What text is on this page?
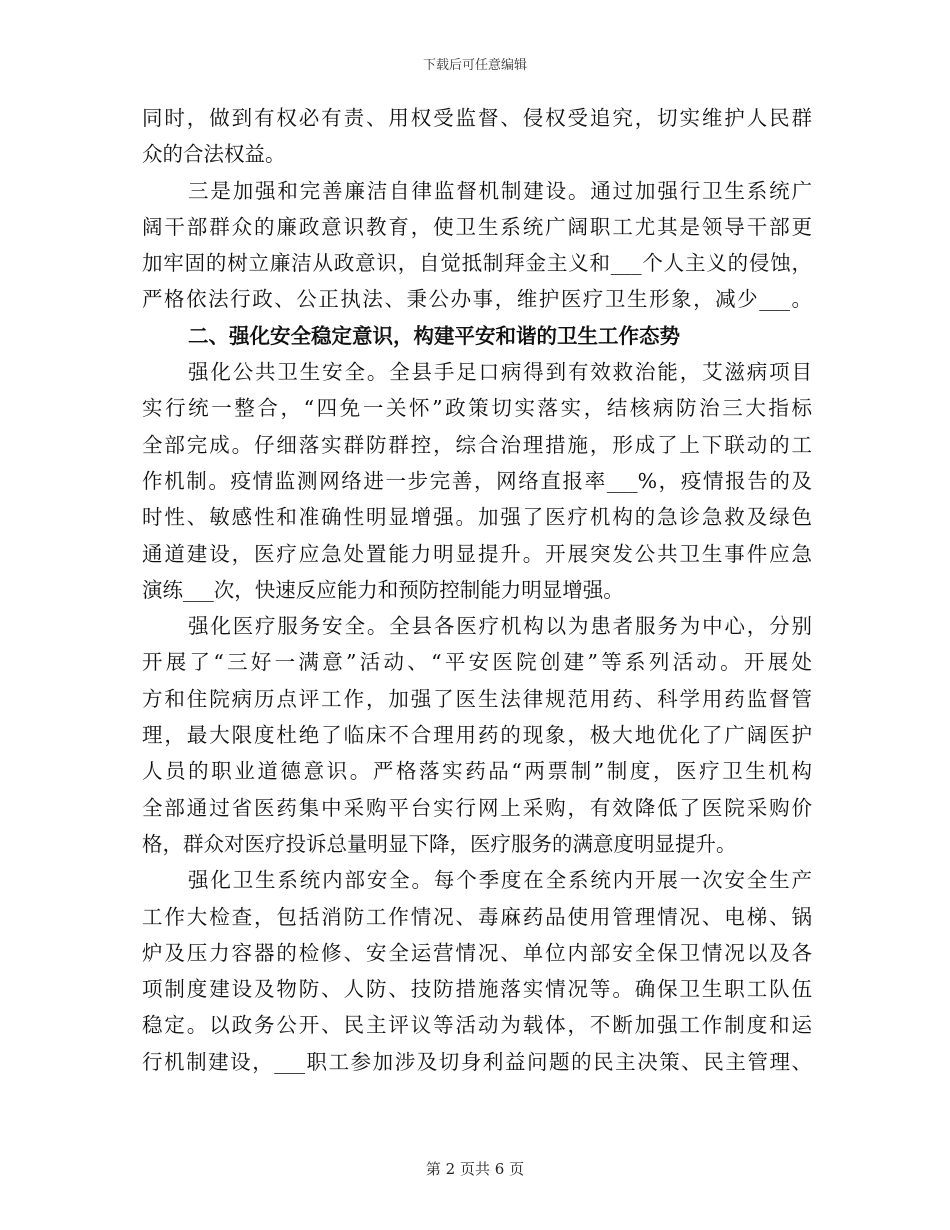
下载后可任意编辑
同时，做到有权必有责、用权受监督、侵权受追究，切实维护人民群
众的合法权益。
三是加强和完善廉洁自律监督机制建设。通过加强行卫生系统广
阔干部群众的廉政意识教育，使卫生系统广阔职工尤其是领导干部更
加牢固的树立廉洁从政意识，自觉抵制拜金主义和___个人主义的侵蚀，
严格依法行政、公正执法、秉公办事，维护医疗卫生形象，减少___。
二、强化安全稳定意识，构建平安和谐的卫生工作态势
强化公共卫生安全。全县手足口病得到有效救治能，艾滋病项目
实行统一整合，“四免一关怀”政策切实落实，结核病防治三大指标
全部完成。仔细落实群防群控，综合治理措施，形成了上下联动的工
作机制。疫情监测网络进一步完善，网络直报率___%，疫情报告的及
时性、敏感性和准确性明显增强。加强了医疗机构的急诊急救及绿色
通道建设，医疗应急处置能力明显提升。开展突发公共卫生事件应急
演练___次，快速反应能力和预防控制能力明显增强。
强化医疗服务安全。全县各医疗机构以为患者服务为中心，分别
开展了“三好一满意”活动、“平安医院创建”等系列活动。开展处
方和住院病历点评工作，加强了医生法律规范用药、科学用药监督管
理，最大限度杜绝了临床不合理用药的现象，极大地优化了广阔医护
人员的职业道德意识。严格落实药品“两票制”制度，医疗卫生机构
全部通过省医药集中采购平台实行网上采购，有效降低了医院采购价
格，群众对医疗投诉总量明显下降，医疗服务的满意度明显提升。
强化卫生系统内部安全。每个季度在全系统内开展一次安全生产
工作大检查，包括消防工作情况、毒麻药品使用管理情况、电梯、锅
炉及压力容器的检修、安全运营情况、单位内部安全保卫情况以及各
项制度建设及物防、人防、技防措施落实情况等。确保卫生职工队伍
稳定。以政务公开、民主评议等活动为载体，不断加强工作制度和运
行机制建设，___职工参加涉及切身利益问题的民主决策、民主管理、
第 2 页共 6 页
